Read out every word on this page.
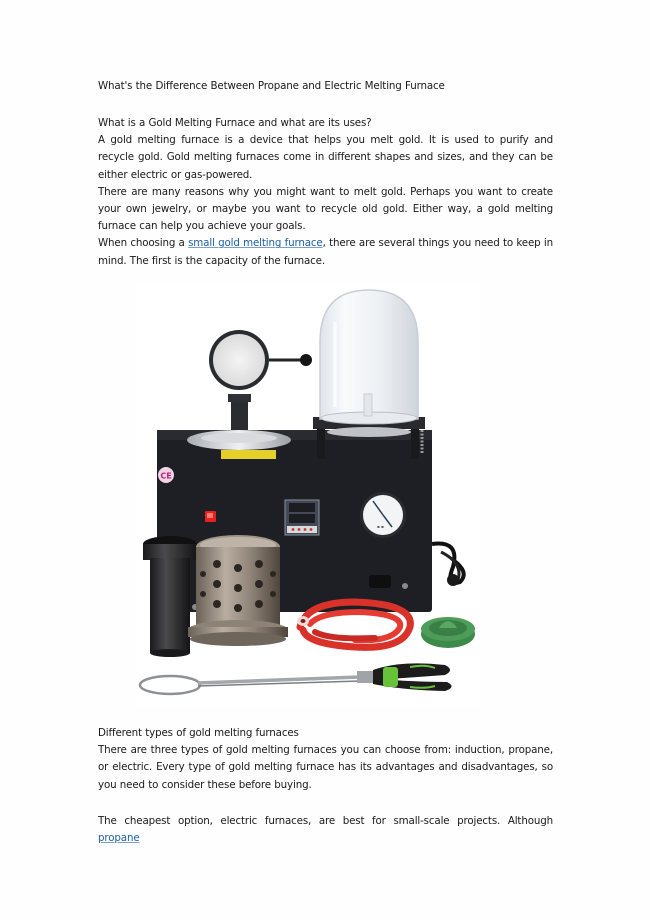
What's the Difference Between Propane and Electric Melting Furnace

What is a Gold Melting Furnace and what are its uses?

A gold melting furnace is a device that helps you melt gold. It is used to purify and recycle gold. Gold melting furnaces come in different shapes and sizes, and they can be either electric or gas-powered.

There are many reasons why you might want to melt gold. Perhaps you want to create your own jewelry, or maybe you want to recycle old gold. Either way, a gold melting furnace can help you achieve your goals.

When choosing a small gold melting furnace, there are several things you need to keep in mind. The first is the capacity of the furnace.

CE
▪ ▪

Different types of gold melting furnaces

There are three types of gold melting furnaces you can choose from: induction, propane, or electric. Every type of gold melting furnace has its advantages and disadvantages, so you need to consider these before buying.

The cheapest option, electric furnaces, are best for small-scale projects. Although propane
